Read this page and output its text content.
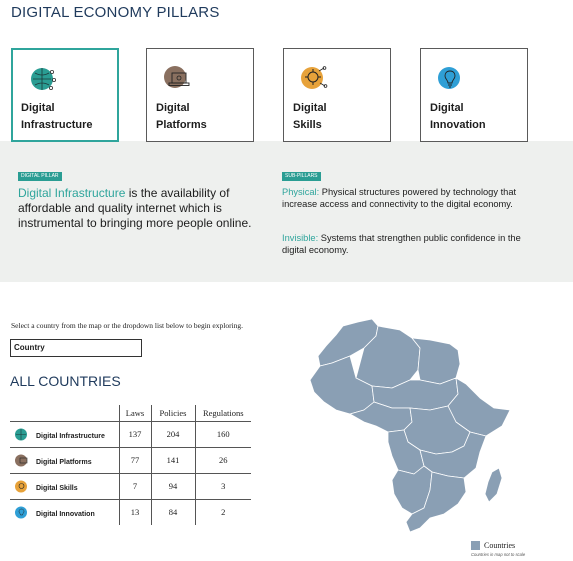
DIGITAL ECONOMY PILLARS
Digital
Infrastructure
Digital
Platforms
Digital
Skills
Digital
Innovation
DIGITAL PILLAR
Digital Infrastructure is the availability of affordable and quality internet which is instrumental to bringing more people online.
SUB-PILLARS
Physical: Physical structures powered by technology that increase access and connectivity to the digital economy.
Invisible: Systems that strengthen public confidence in the digital economy.
Select a country from the map or the dropdown list below to begin exploring.
Country
ALL COUNTRIES
	Laws	Policies	Regulations

Digital Infrastructure	137	204	160

Digital Platforms	77	141	26

Digital Skills	7	94	3

Digital Innovation	13	84	2
Countries
Countries in map not to scale
